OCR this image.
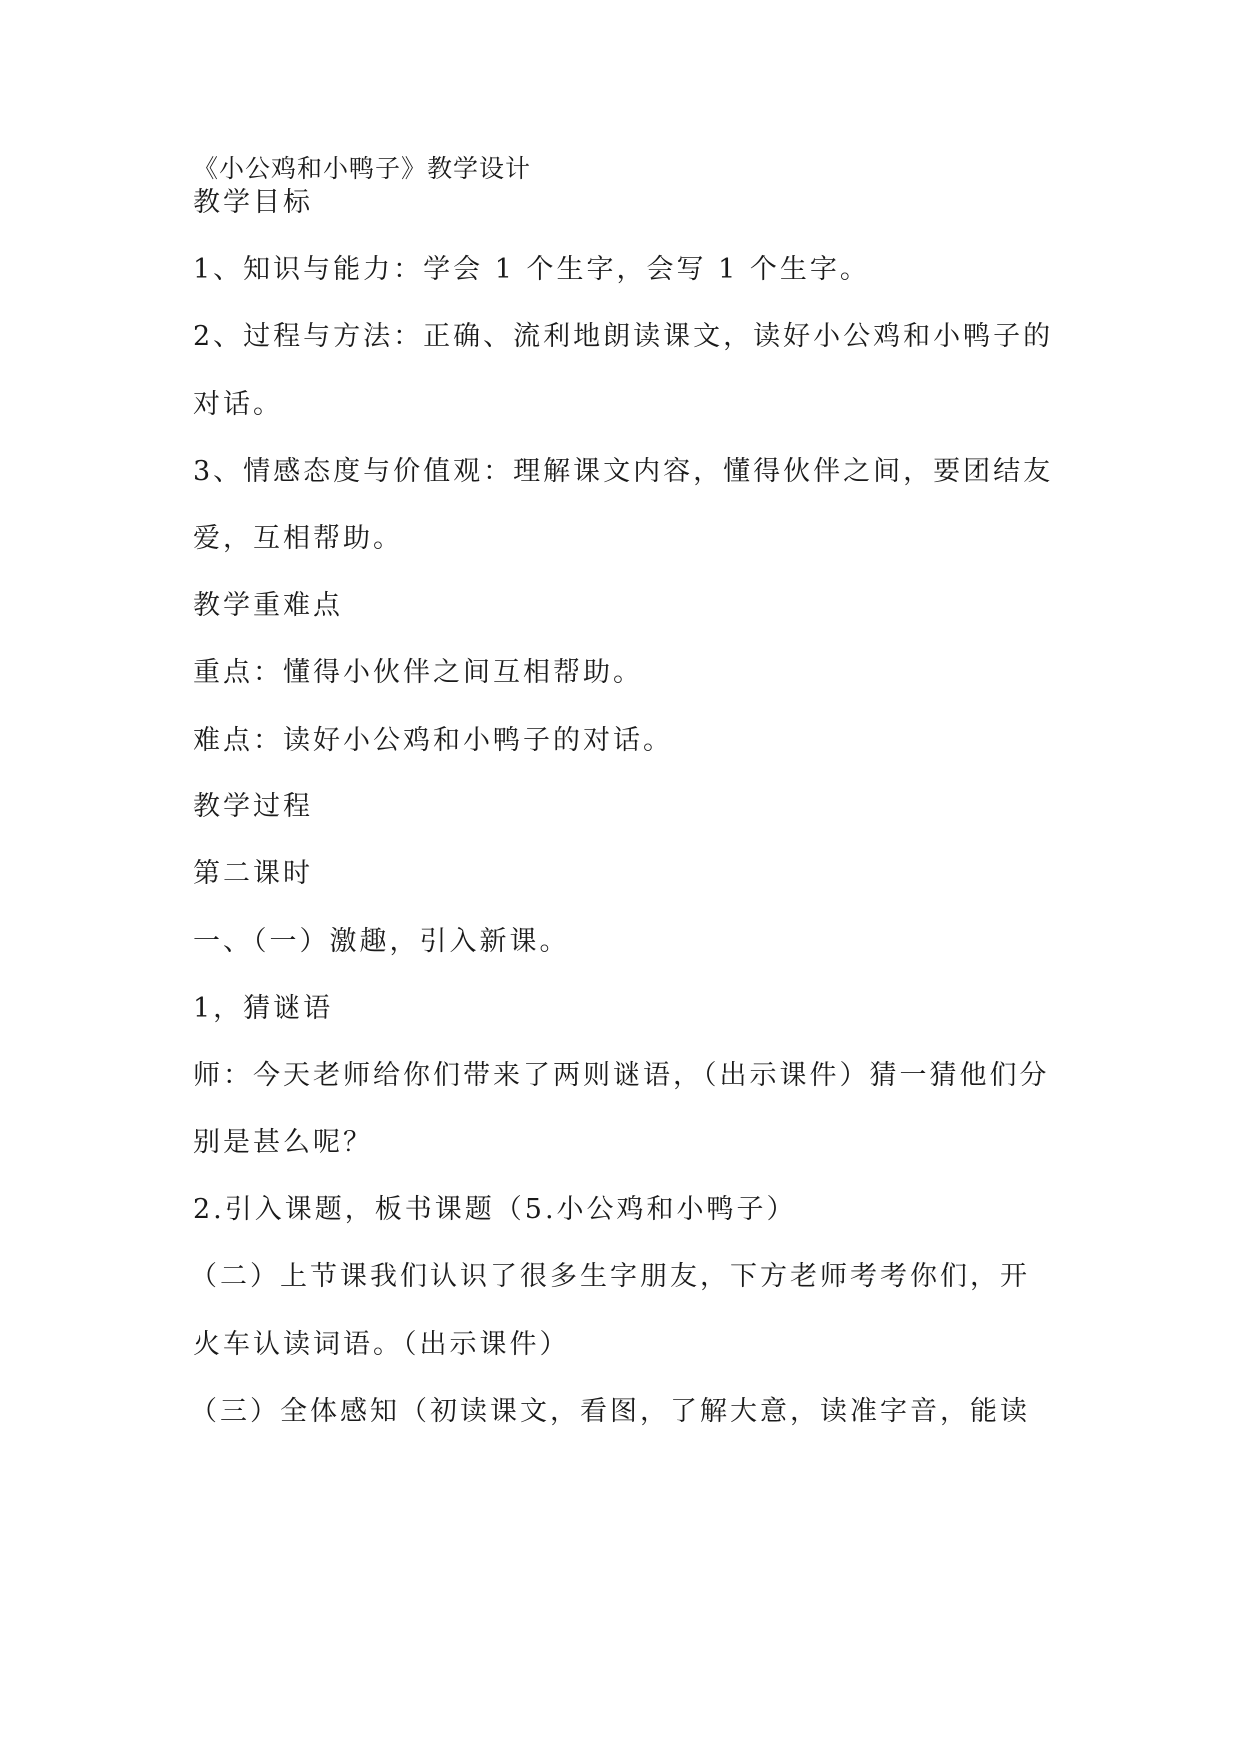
《小公鸡和小鸭子》教学设计

教学目标

1、知识与能力：学会 1 个生字，会写 1 个生字。

2、过程与方法：正确、流利地朗读课文，读好小公鸡和小鸭子的

对话。

3、情感态度与价值观：理解课文内容，懂得伙伴之间，要团结友

爱，互相帮助。

教学重难点

重点：懂得小伙伴之间互相帮助。

难点：读好小公鸡和小鸭子的对话。

教学过程

第二课时

一、（一）激趣，引入新课。

1，猜谜语

师：今天老师给你们带来了两则谜语，（出示课件）猜一猜他们分

别是甚么呢？

2.引入课题，板书课题（5.小公鸡和小鸭子）

（二）上节课我们认识了很多生字朋友，下方老师考考你们，开

火车认读词语。（出示课件）

（三）全体感知（初读课文，看图，了解大意，读准字音，能读
